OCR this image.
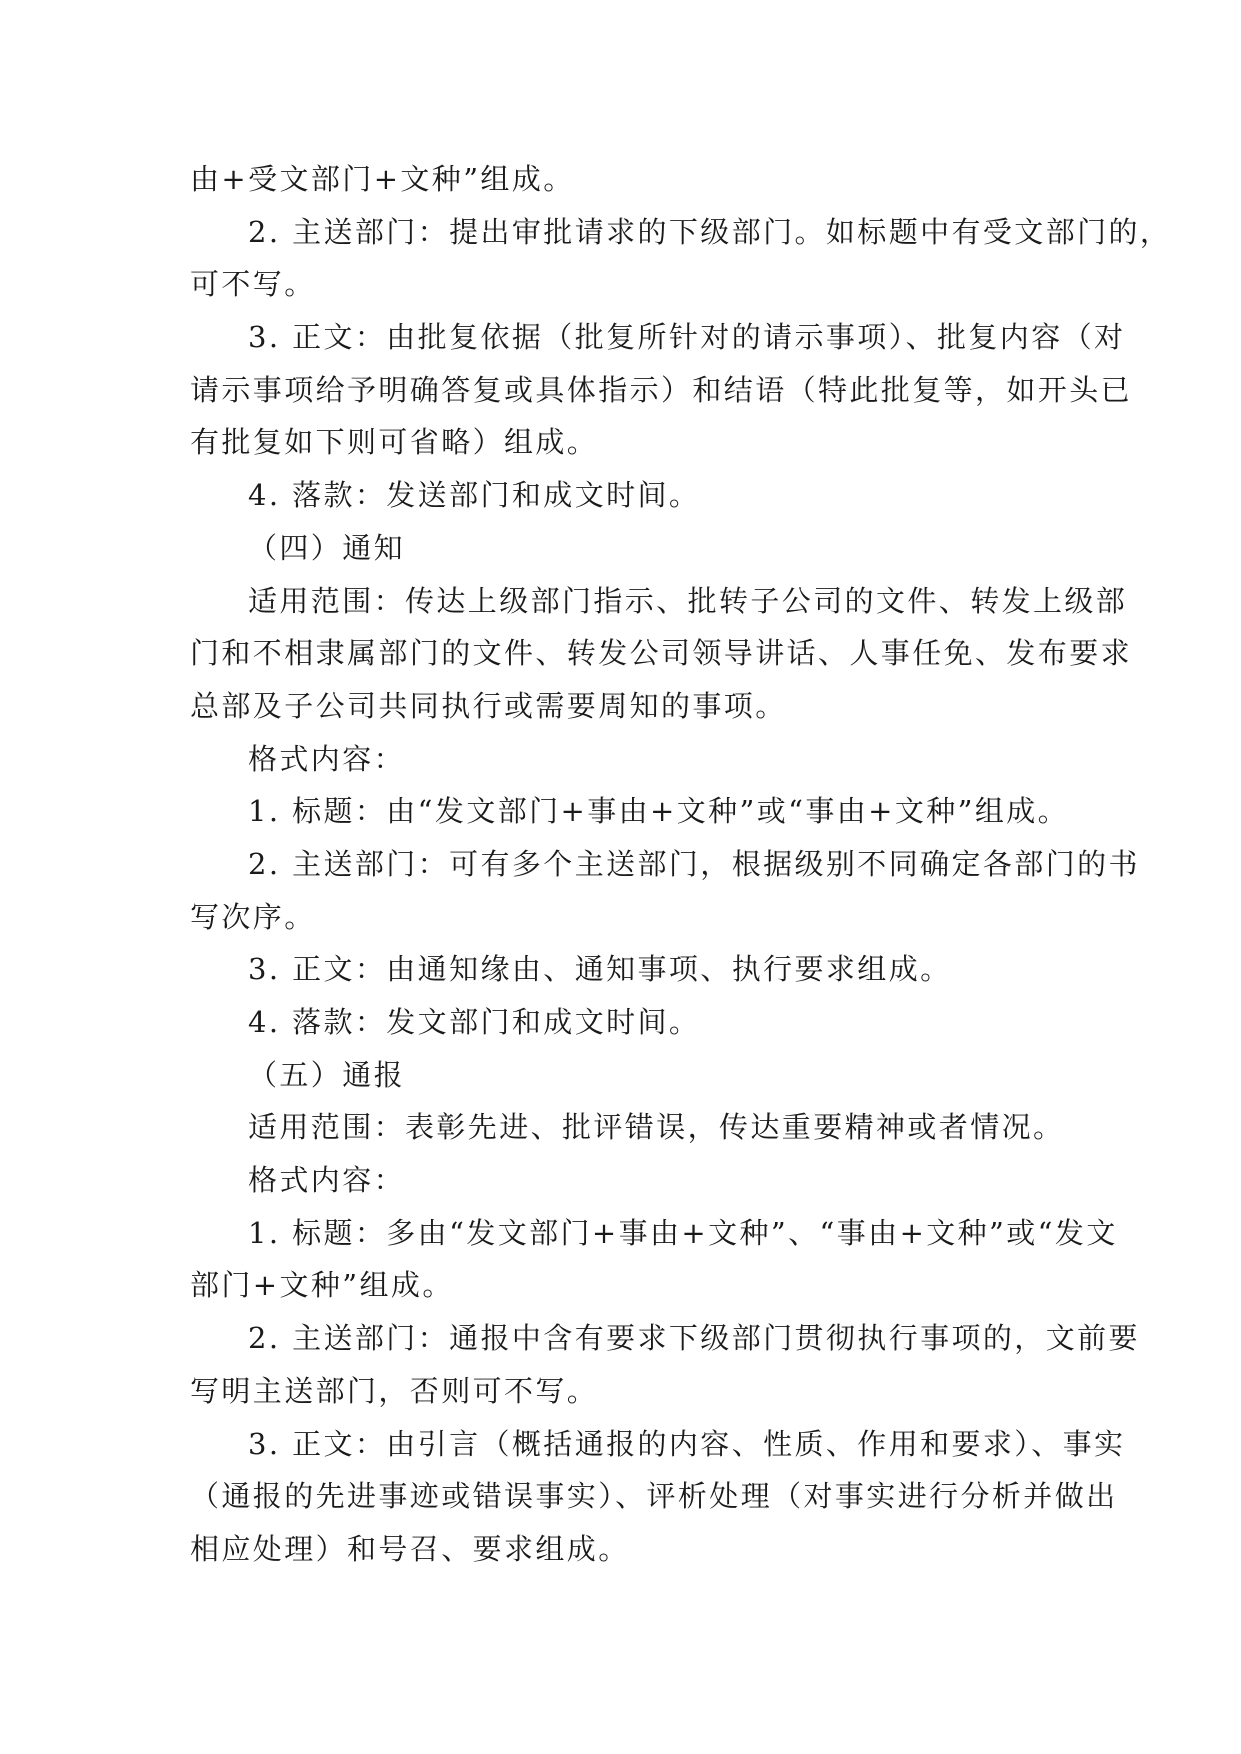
由+受文部门+文种”组成。
2. 主送部门：提出审批请求的下级部门。如标题中有受文部门的，
可不写。
3. 正文：由批复依据（批复所针对的请示事项）、批复内容（对
请示事项给予明确答复或具体指示）和结语（特此批复等，如开头已
有批复如下则可省略）组成。
4. 落款：发送部门和成文时间。
（四）通知
适用范围：传达上级部门指示、批转子公司的文件、转发上级部
门和不相隶属部门的文件、转发公司领导讲话、人事任免、发布要求
总部及子公司共同执行或需要周知的事项。
格式内容：
1. 标题：由“发文部门+事由+文种”或“事由+文种”组成。
2. 主送部门：可有多个主送部门，根据级别不同确定各部门的书
写次序。
3. 正文：由通知缘由、通知事项、执行要求组成。
4. 落款：发文部门和成文时间。
（五）通报
适用范围：表彰先进、批评错误，传达重要精神或者情况。
格式内容：
1. 标题：多由“发文部门+事由+文种”、“事由+文种”或“发文
部门+文种”组成。
2. 主送部门：通报中含有要求下级部门贯彻执行事项的，文前要
写明主送部门，否则可不写。
3. 正文：由引言（概括通报的内容、性质、作用和要求）、事实
（通报的先进事迹或错误事实）、评析处理（对事实进行分析并做出
相应处理）和号召、要求组成。
